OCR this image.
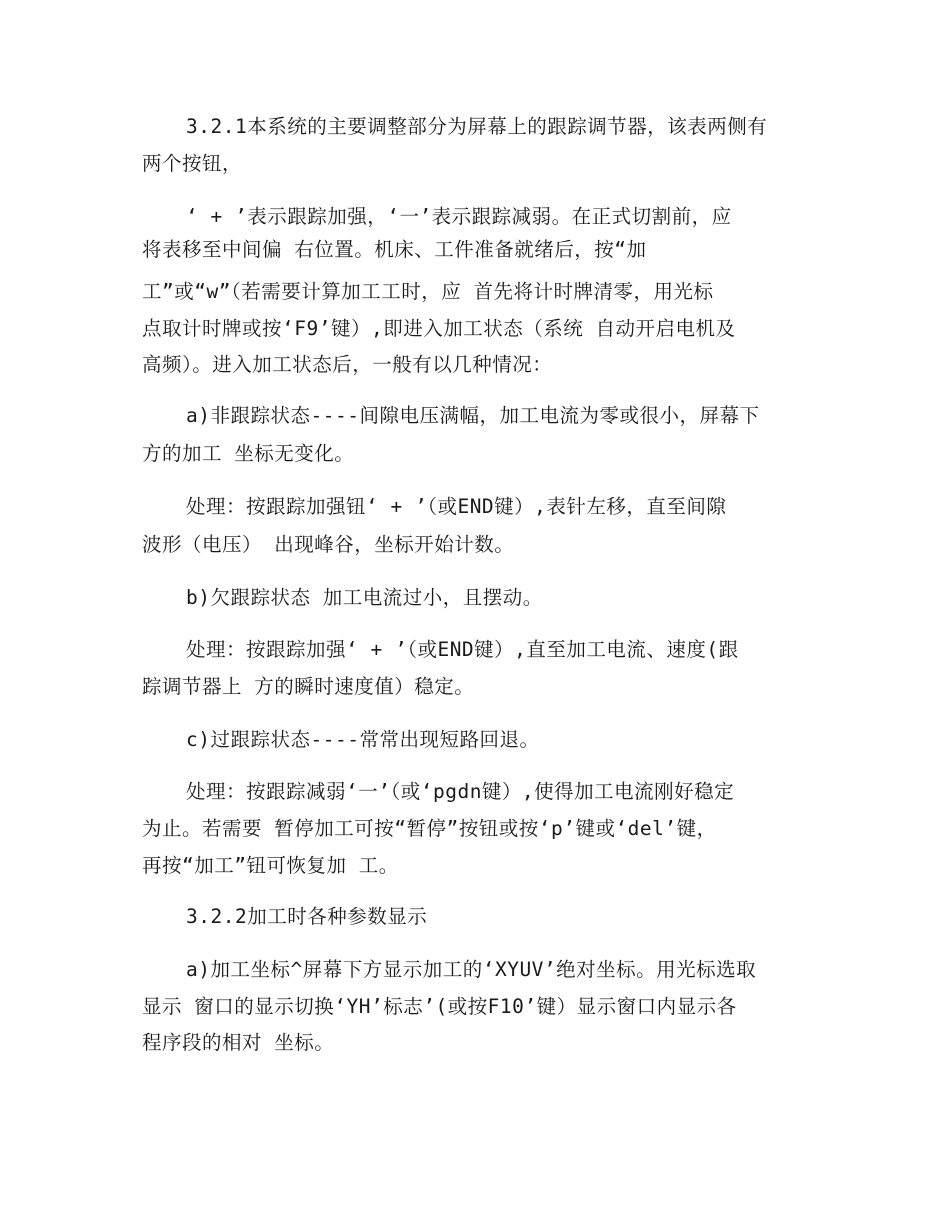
3.2.1本系统的主要调整部分为屏幕上的跟踪调节器，该表两侧有
两个按钮，
‘ + ’表示跟踪加强，‘一’表示跟踪减弱。在正式切割前，应
将表移至中间偏 右位置。机床、工件准备就绪后，按“加
工”或“w”（若需要计算加工工时，应 首先将计时牌清零，用光标
点取计时牌或按‘F9’键）,即进入加工状态（系统 自动开启电机及
高频）。进入加工状态后，一般有以几种情况：
a)非跟踪状态----间隙电压满幅，加工电流为零或很小，屏幕下
方的加工 坐标无变化。
处理：按跟踪加强钮‘ + ’（或END键）,表针左移，直至间隙
波形（电压） 出现峰谷，坐标开始计数。
b)欠跟踪状态 加工电流过小，且摆动。
处理：按跟踪加强‘ + ’（或END键）,直至加工电流、速度(跟
踪调节器上 方的瞬时速度值）稳定。
c)过跟踪状态----常常出现短路回退。
处理：按跟踪减弱‘一’（或‘pgdn键）,使得加工电流刚好稳定
为止。若需要 暂停加工可按“暂停”按钮或按‘p’键或‘del’键，
再按“加工”钮可恢复加 工。
3.2.2加工时各种参数显示
a)加工坐标^屏幕下方显示加工的‘XYUV’绝对坐标。用光标选取
显示 窗口的显示切换‘YH’标志’(或按F10’键）显示窗口内显示各
程序段的相对 坐标。
